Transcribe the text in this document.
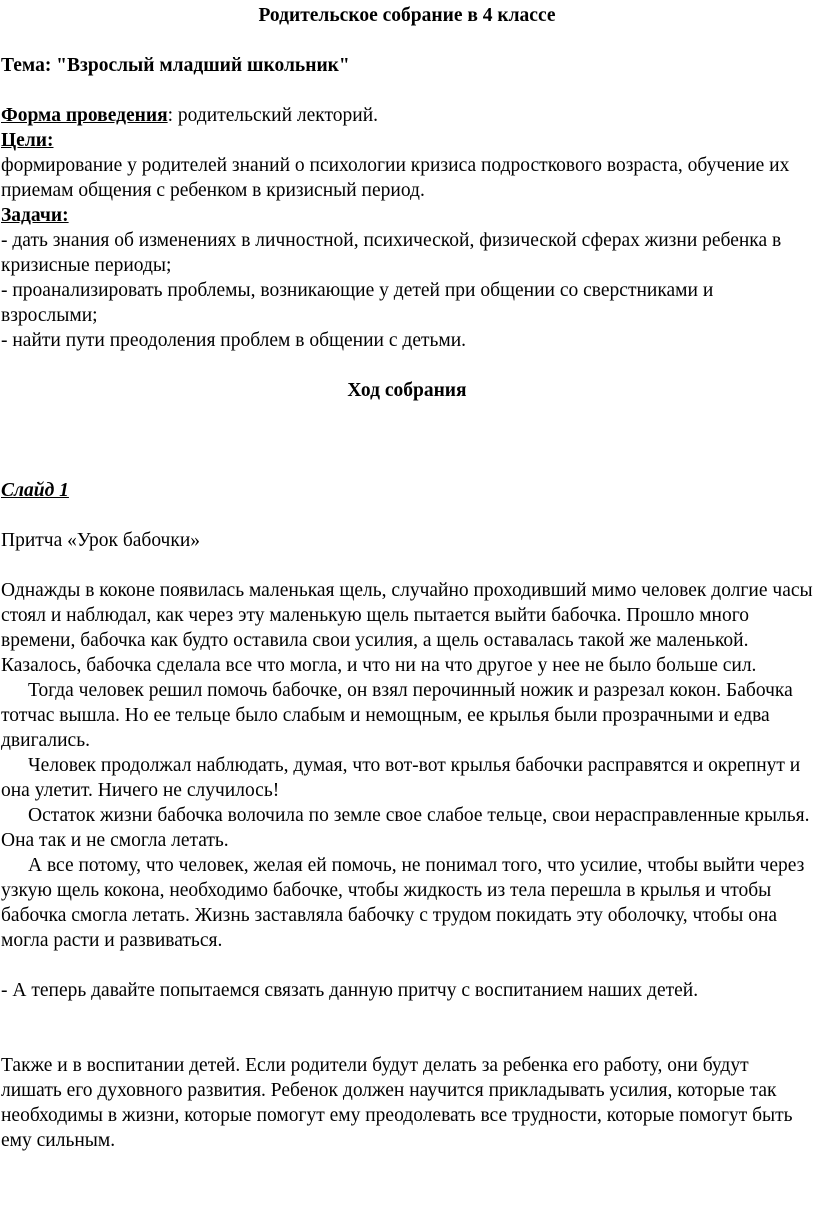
Родительское собрание в 4 классе

Тема: "Взрослый младший школьник"

Форма проведения: родительский лекторий.

Цели:

формирование у родителей знаний о психологии кризиса подросткового возраста, обучение их приемам общения с ребенком в кризисный период.

Задачи:

- дать знания об изменениях в личностной, психической, физической сферах жизни ребенка в кризисные периоды;

- проанализировать проблемы, возникающие у детей при общении со сверстниками и взрослыми;

- найти пути преодоления проблем в общении с детьми.

Ход собрания

Слайд 1

Притча «Урок бабочки»

Однажды в коконе появилась маленькая щель, случайно проходивший мимо человек долгие часы стоял и наблюдал, как через эту маленькую щель пытается выйти бабочка. Прошло много времени, бабочка как будто оставила свои усилия, а щель оставалась такой же маленькой. Казалось, бабочка сделала все что могла, и что ни на что другое у нее не было больше сил.

Тогда человек решил помочь бабочке, он взял перочинный ножик и разрезал кокон. Бабочка тотчас вышла. Но ее тельце было слабым и немощным, ее крылья были прозрачными и едва двигались.

Человек продолжал наблюдать, думая, что вот-вот крылья бабочки расправятся и окрепнут и она улетит. Ничего не случилось!

Остаток жизни бабочка волочила по земле свое слабое тельце, свои нерасправленные крылья. Она так и не смогла летать.

А все потому, что человек, желая ей помочь, не понимал того, что усилие, чтобы выйти через узкую щель кокона, необходимо бабочке, чтобы жидкость из тела перешла в крылья и чтобы бабочка смогла летать. Жизнь заставляла бабочку с трудом покидать эту оболочку, чтобы она могла расти и развиваться.

- А теперь давайте попытаемся связать данную притчу с воспитанием наших детей.

Также и в воспитании детей. Если родители будут делать за ребенка его работу, они будут лишать его духовного развития. Ребенок должен научится прикладывать усилия, которые так необходимы в жизни, которые помогут ему преодолевать все трудности, которые помогут быть ему сильным.
